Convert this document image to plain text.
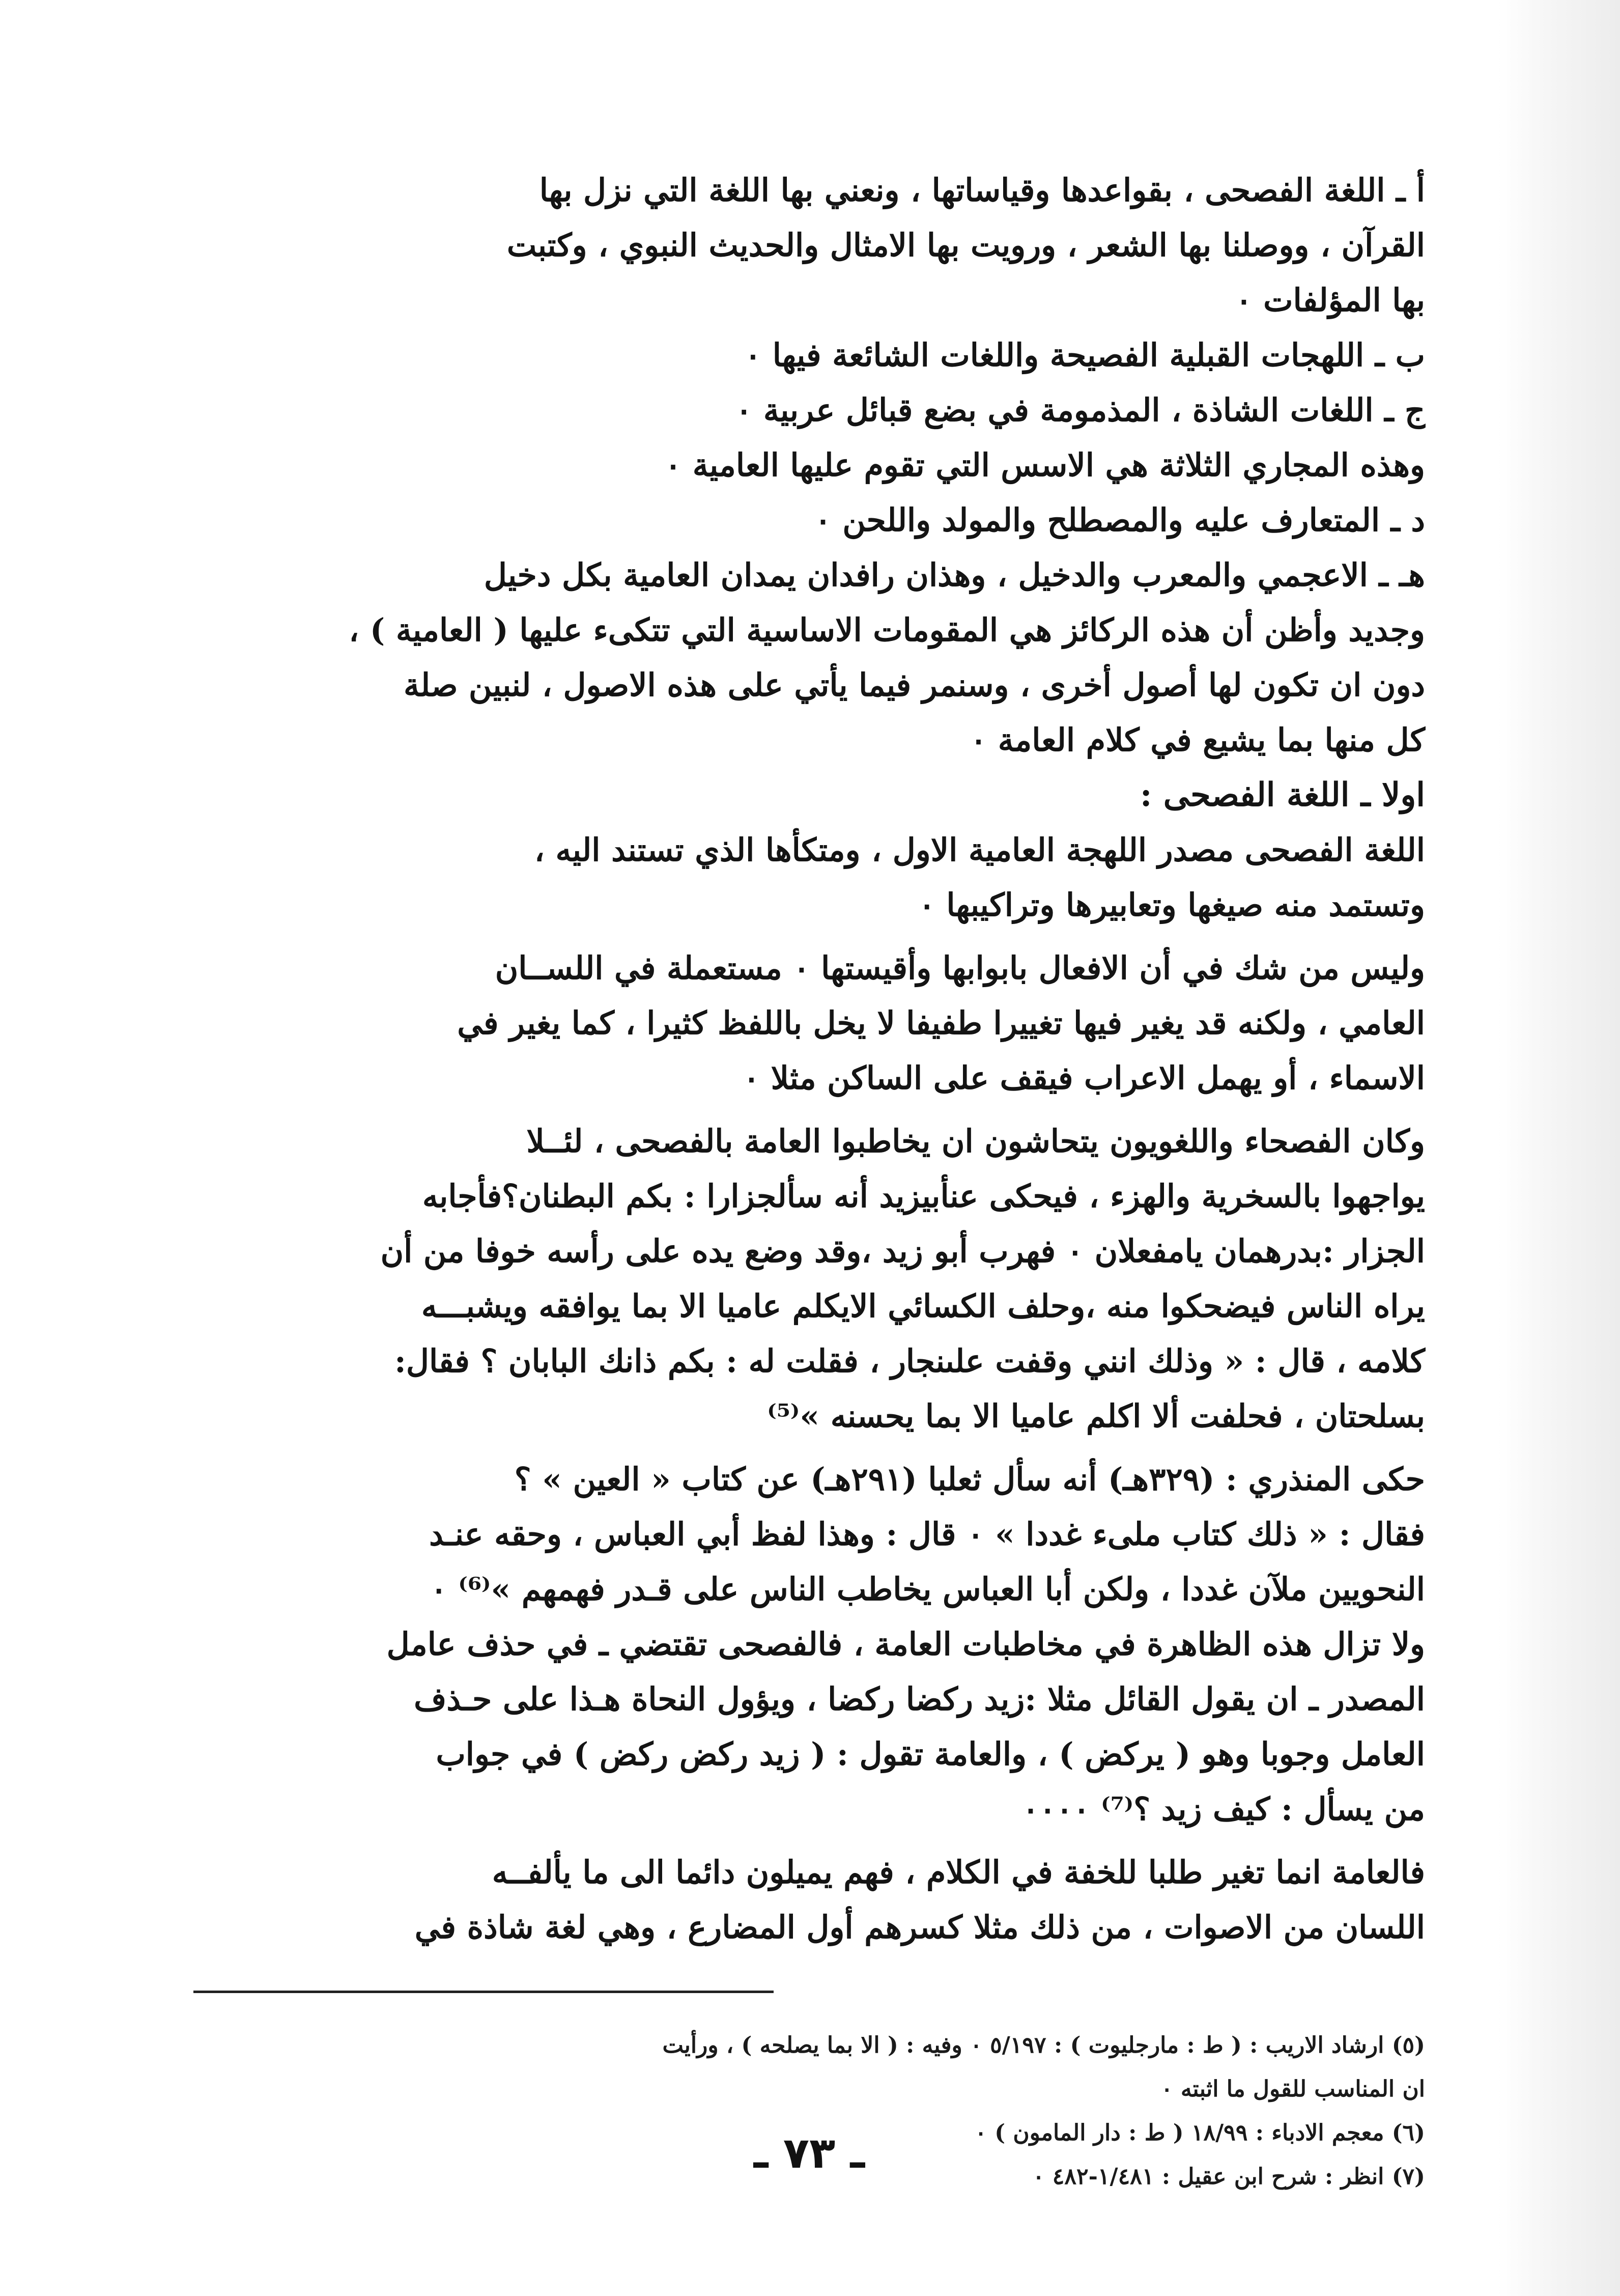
أ ـ اللغة الفصحى ، بقواعدها وقياساتها ، ونعني بها اللغة التي نزل بها

القرآن ، ووصلنا بها الشعر ، ورويت بها الامثال والحديث النبوي ، وكتبت

بها المؤلفات ٠

ب ـ اللهجات القبلية الفصيحة واللغات الشائعة فيها ٠

ج ـ اللغات الشاذة ، المذمومة في بضع قبائل عربية ٠

وهذه المجاري الثلاثة هي الاسس التي تقوم عليها العامية ٠

د ـ المتعارف عليه والمصطلح والمولد واللحن ٠

هـ ـ الاعجمي والمعرب والدخيل ، وهذان رافدان يمدان العامية بكل دخيل

وجديد وأظن أن هذه الركائز هي المقومات الاساسية التي تتكىء عليها ( العامية ) ،

دون ان تكون لها أصول أخرى ، وسنمر فيما يأتي على هذه الاصول ، لنبين صلة

كل منها بما يشيع في كلام العامة ٠

اولا ـ اللغة الفصحى :

اللغة الفصحى مصدر اللهجة العامية الاول ، ومتكأها الذي تستند اليه ،

وتستمد منه صيغها وتعابيرها وتراكيبها ٠

وليس من شك في أن الافعال بابوابها وأقيستها ٠ مستعملة في اللســان

العامي ، ولكنه قد يغير فيها تغييرا طفيفا لا يخل باللفظ كثيرا ، كما يغير في

الاسماء ، أو يهمل الاعراب فيقف على الساكن مثلا ٠

وكان الفصحاء واللغويون يتحاشون ان يخاطبوا العامة بالفصحى ، لئــلا

يواجهوا بالسخرية والهزء ، فيحكى عنأبيزيد أنه سألجزارا : بكم البطنان؟فأجابه

الجزار :بدرهمان يامفعلان ٠ فهرب أبو زيد ،وقد وضع يده على رأسه خوفا من أن

يراه الناس فيضحكوا منه ،وحلف الكسائي الايكلم عاميا الا بما يوافقه ويشبـــه

كلامه ، قال : « وذلك انني وقفت علىنجار ، فقلت له : بكم ذانك البابان ؟ فقال:

بسلحتان ، فحلفت ألا اكلم عاميا الا بما يحسنه »⁽⁵⁾

حكى المنذري : (٣٢٩هـ) أنه سأل ثعلبا (٢٩١هـ) عن كتاب « العين » ؟

فقال : « ذلك كتاب ملىء غددا » ٠ قال : وهذا لفظ أبي العباس ، وحقه عنـد

النحويين ملآن غددا ، ولكن أبا العباس يخاطب الناس على قـدر فهمهم »⁽⁶⁾ ٠

ولا تزال هذه الظاهرة في مخاطبات العامة ، فالفصحى تقتضي ـ في حذف عامل

المصدر ـ ان يقول القائل مثلا :زيد ركضا ركضا ، ويؤول النحاة هـذا على حـذف

العامل وجوبا وهو ( يركض ) ، والعامة تقول : ( زيد ركض ركض ) في جواب

من يسأل : كيف زيد ؟⁽⁷⁾ ٠٠٠٠

فالعامة انما تغير طلبا للخفة في الكلام ، فهم يميلون دائما الى ما يألفــه

اللسان من الاصوات ، من ذلك مثلا كسرهم أول المضارع ، وهي لغة شاذة في

(٥) ارشاد الاريب : ( ط : مارجليوت ) : ٥/١٩٧ ٠ وفيه : ( الا بما يصلحه ) ، ورأيت

ان المناسب للقول ما اثبته ٠

(٦) معجم الادباء : ١٨/٩٩ ( ط : دار المامون ) ٠

(٧) انظر : شرح ابن عقيل : ١/٤٨١-٤٨٢ ٠

ـ ٧٣ ـ
